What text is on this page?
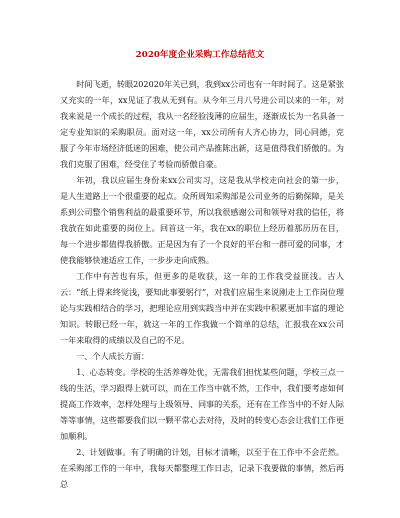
2020年度企业采购工作总结范文

时间飞逝，转眼202020年关已到，我到xx公司也有一年时间了。这是紧张又充实的一年，xx见证了我从无到有。从今年三月八号进公司以来的一年，对我来说是一个成长的过程，我从一名经验浅薄的应届生，逐渐成长为一名具备一定专业知识的采购职员。面对这一年，xx公司所有人齐心协力，同心同德，克服了今年市场经济低迷的困难，使公司产品推陈出新，这是值得我们骄傲的。为我们克服了困难，经受住了考验而骄傲自豪。

年初，我以应届生身份来xx公司实习，这是我从学校走向社会的第一步，是人生道路上一个很重要的起点。众所周知采购部是公司业务的后勤保障，是关系到公司整个销售利益的最重要环节，所以我很感谢公司和领导对我的信任，将我放在如此重要的岗位上。回首这一年，我在xx的职位上经历着那历历在目，每一个进步都值得我骄傲。正是因为有了一个良好的平台和一群可爱的同事，才使我能够快速适应工作，一步步走向成熟。

工作中有苦也有乐，但更多的是收获，这一年的工作我受益匪浅。古人云：“纸上得来终觉浅，要知此事要躬行”，对我们应届生来说刚走上工作岗位理论与实践相结合的学习，把理论应用到实践当中并在实践中积累更加丰富的理论知识。转眼已经一年，就这一年的工作我做一个简单的总结，汇报我在xx公司一年来取得的成绩以及自己的不足。

一、个人成长方面：

1、心态转变。学校的生活养尊处优，无需我们担忧某些问题，学校三点一线的生活，学习跟得上就可以，而在工作当中就不然，工作中，我们要考虑如何提高工作效率，怎样处理与上级领导、同事的关系，还有在工作当中的不好人际等等事情，这些都要我们以一颗平常心去对待，及时的转变心态会让我们工作更加顺利。

2、计划做事。有了明确的计划，目标才清晰，以至于在工作中不会茫然。在采购部工作的一年中，我每天都整理工作日志，记录下我要做的事情，然后再总
